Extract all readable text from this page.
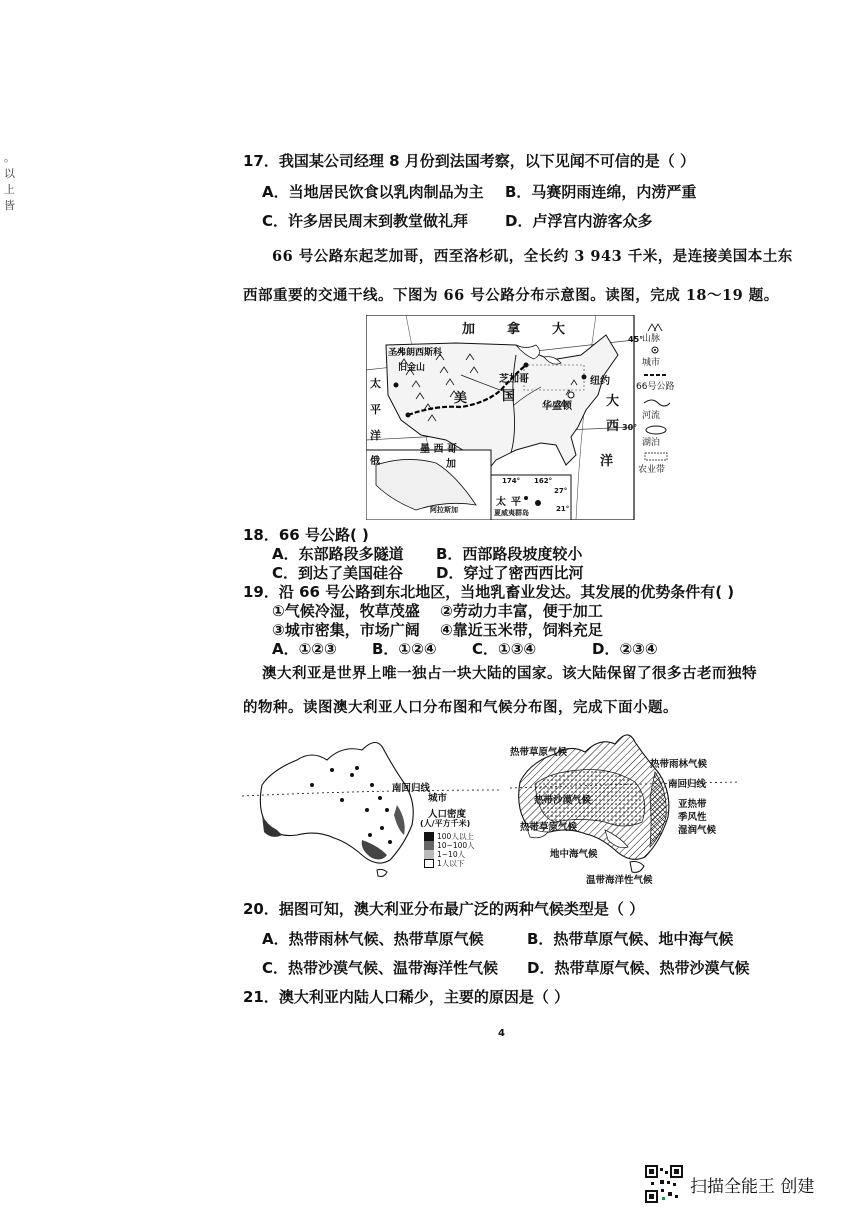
。
以
上
皆
17．我国某公司经理 8 月份到法国考察，以下见闻不可信的是（ ）
A．当地居民饮食以乳肉制品为主 B．马赛阴雨连绵，内涝严重
C．许多居民周末到教堂做礼拜 D．卢浮宫内游客众多
66 号公路东起芝加哥，西至洛杉矶，全长约 3 943 千米，是连接美国本土东
西部重要的交通干线。下图为 66 号公路分布示意图。读图，完成 18～19 题。
加　　拿　　大
圣弗朗西斯科
旧金山
太
平
洋
美	国
芝加哥	纽约
华盛顿	大
西
洋
墨 西 哥
45°
30°
俄	加
阿拉斯加
174° 162°
27°
21°
太 平
夏威夷群岛
山脉
城市
66号公路
河流
湖泊
农业带
18．66 号公路( )
A．东部路段多隧道 B．西部路段坡度较小
C．到达了美国硅谷 D．穿过了密西西比河
19．沿 66 号公路到东北地区，当地乳畜业发达。其发展的优势条件有( )
①气候冷湿，牧草茂盛 ②劳动力丰富，便于加工
③城市密集，市场广阔 ④靠近玉米带，饲料充足
A．①②③ B．①②④ C．①③④	D．②③④
澳大利亚是世界上唯一独占一块大陆的国家。该大陆保留了很多古老而独特
的物种。读图澳大利亚人口分布图和气候分布图，完成下面小题。
南回归线
城市
人口密度
(人/平方千米)
100人以上
10~100人
1~10人
1人以下
热带草原气候
热带雨林气候
南回归线
热带沙漠气候
热带草原气候
亚热带
季风性
湿润气候
地中海气候
温带海洋性气候
20．据图可知，澳大利亚分布最广泛的两种气候类型是（ ）
A．热带雨林气候、热带草原气候	B．热带草原气候、地中海气候
C．热带沙漠气候、温带海洋性气候 D．热带草原气候、热带沙漠气候
21．澳大利亚内陆人口稀少，主要的原因是（ ）
4
扫描全能王 创建
